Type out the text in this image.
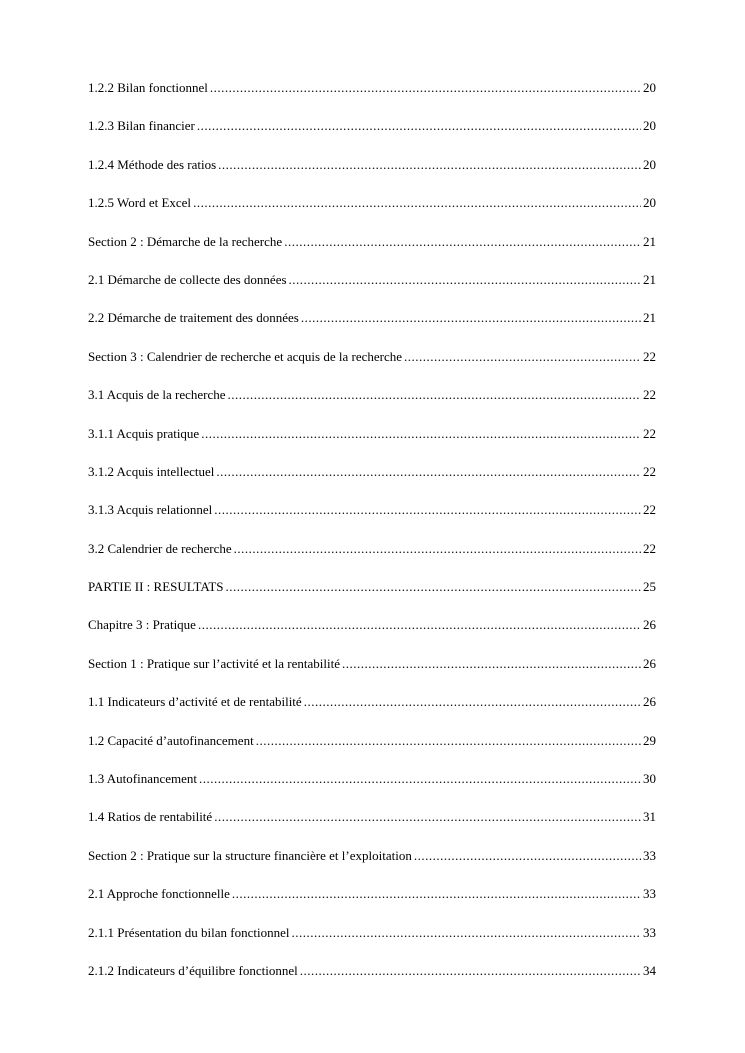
1.2.2 Bilan fonctionnel .....	20
1.2.3 Bilan financier .....	20
1.2.4 Méthode des ratios .....	20
1.2.5 Word et Excel .....	20
Section 2 : Démarche de la recherche .....	21
2.1 Démarche de collecte des données .....	21
2.2 Démarche de traitement des données .....	21
Section 3 : Calendrier de recherche et acquis de la recherche .....	22
3.1 Acquis de la recherche .....	22
3.1.1 Acquis pratique .....	22
3.1.2 Acquis intellectuel .....	22
3.1.3 Acquis relationnel .....	22
3.2 Calendrier de recherche .....	22
PARTIE II : RESULTATS .....	25
Chapitre 3 : Pratique .....	26
Section 1 : Pratique sur l’activité et la rentabilité .....	26
1.1 Indicateurs d’activité et de rentabilité .....	26
1.2 Capacité d’autofinancement .....	29
1.3 Autofinancement .....	30
1.4 Ratios de rentabilité .....	31
Section 2 : Pratique sur la structure financière et l’exploitation .....	33
2.1 Approche fonctionnelle .....	33
2.1.1 Présentation du bilan fonctionnel .....	33
2.1.2 Indicateurs d’équilibre fonctionnel .....	34
